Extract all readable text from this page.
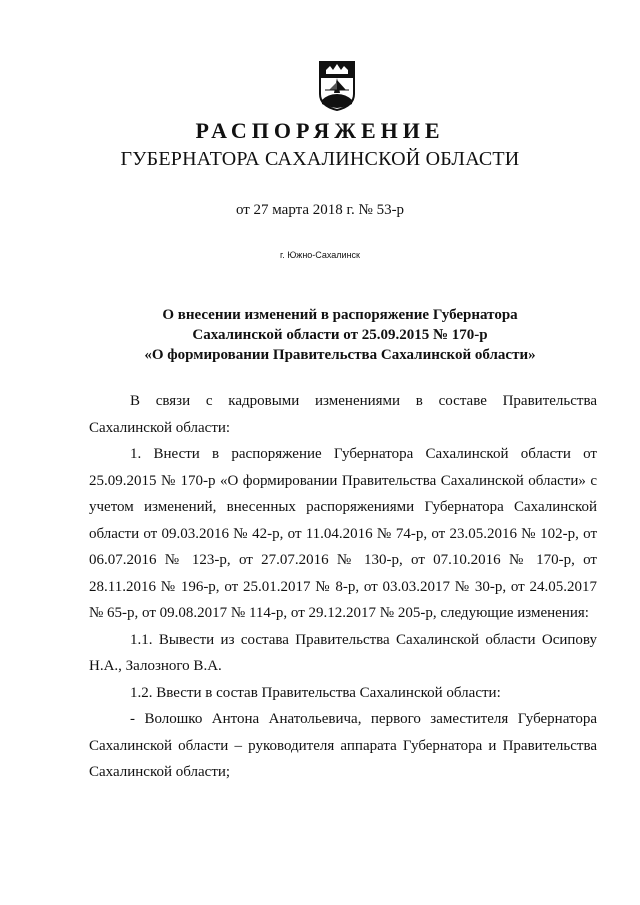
РАСПОРЯЖЕНИЕ
ГУБЕРНАТОРА САХАЛИНСКОЙ ОБЛАСТИ
от 27 марта 2018 г. № 53-р
г. Южно-Сахалинск
О внесении изменений в распоряжение Губернатора
Сахалинской области от 25.09.2015 № 170-р
«О формировании Правительства Сахалинской области»

В связи с кадровыми изменениями в составе Правительства Сахалинской области:

1. Внести в распоряжение Губернатора Сахалинской области от 25.09.2015 № 170-р «О формировании Правительства Сахалинской области» с учетом изменений, внесенных распоряжениями Губернатора Сахалинской области от 09.03.2016 № 42-р, от 11.04.2016 № 74-р, от 23.05.2016 № 102-р, от 06.07.2016 № 123-р, от 27.07.2016 № 130-р, от 07.10.2016 № 170-р, от 28.11.2016 № 196-р, от 25.01.2017 № 8-р, от 03.03.2017 № 30-р, от 24.05.2017 № 65-р, от 09.08.2017 № 114-р, от 29.12.2017 № 205-р, следующие изменения:

1.1. Вывести из состава Правительства Сахалинской области Осипову Н.А., Залозного В.А.

1.2. Ввести в состав Правительства Сахалинской области:

- Волошко Антона Анатольевича, первого заместителя Губернатора Сахалинской области – руководителя аппарата Губернатора и Правительства Сахалинской области;
